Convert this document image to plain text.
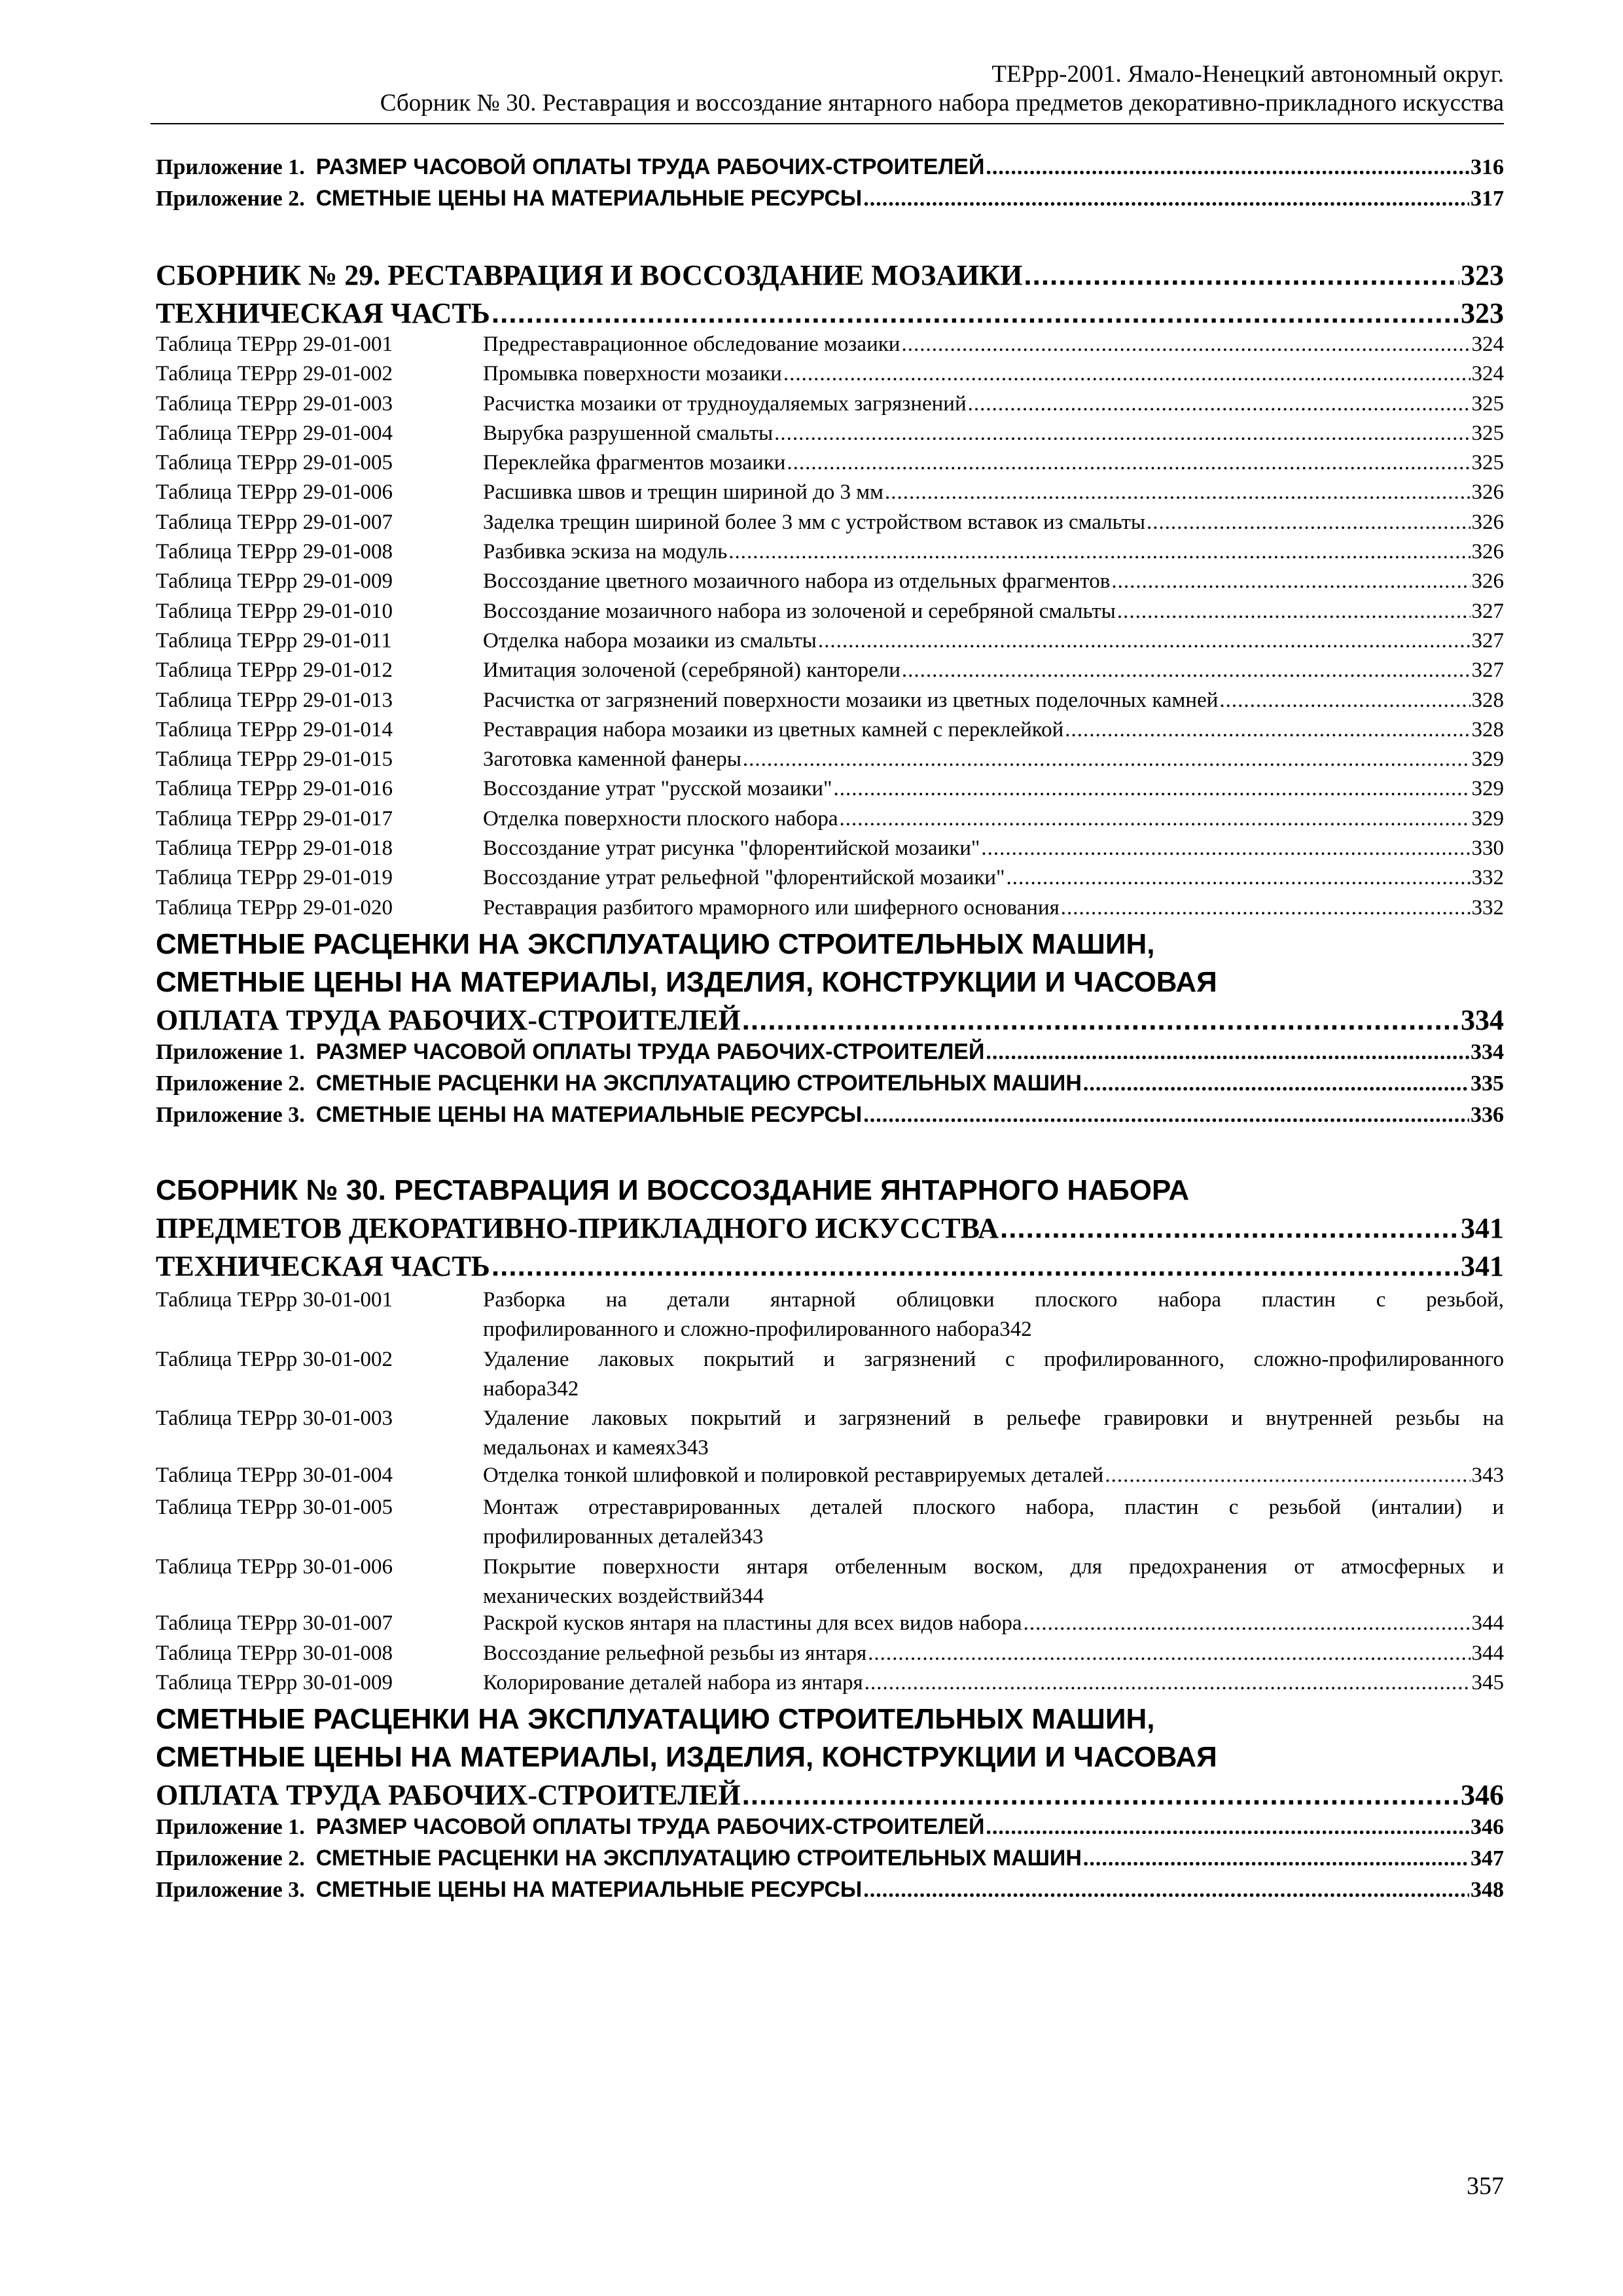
ТЕРрр-2001. Ямало-Ненецкий автономный округ.
Сборник № 30. Реставрация и воссоздание янтарного набора предметов декоративно-прикладного искусства
Приложение 1. РАЗМЕР ЧАСОВОЙ ОПЛАТЫ ТРУДА РАБОЧИХ-СТРОИТЕЛЕЙ .....	316
Приложение 2. СМЕТНЫЕ ЦЕНЫ НА МАТЕРИАЛЬНЫЕ РЕСУРСЫ .....	317
СБОРНИК № 29. РЕСТАВРАЦИЯ И ВОССОЗДАНИЕ МОЗАИКИ .....	323
ТЕХНИЧЕСКАЯ ЧАСТЬ .....	323
Таблица ТЕРрр 29-01-001	Предреставрационное обследование мозаики .....	324
Таблица ТЕРрр 29-01-002	Промывка поверхности мозаики .....	324
Таблица ТЕРрр 29-01-003	Расчистка мозаики от трудноудаляемых загрязнений .....	325
Таблица ТЕРрр 29-01-004	Вырубка разрушенной смальты .....	325
Таблица ТЕРрр 29-01-005	Переклейка фрагментов мозаики .....	325
Таблица ТЕРрр 29-01-006	Расшивка швов и трещин шириной до 3 мм .....	326
Таблица ТЕРрр 29-01-007	Заделка трещин шириной более 3 мм с устройством вставок из смальты .....	326
Таблица ТЕРрр 29-01-008	Разбивка эскиза на модуль .....	326
Таблица ТЕРрр 29-01-009	Воссоздание цветного мозаичного набора из отдельных фрагментов .....	326
Таблица ТЕРрр 29-01-010	Воссоздание мозаичного набора из золоченой и серебряной смальты .....	327
Таблица ТЕРрр 29-01-011	Отделка набора мозаики из смальты .....	327
Таблица ТЕРрр 29-01-012	Имитация золоченой (серебряной) канторели .....	327
Таблица ТЕРрр 29-01-013	Расчистка от загрязнений поверхности мозаики из цветных поделочных камней .....	328
Таблица ТЕРрр 29-01-014	Реставрация набора мозаики из цветных камней с переклейкой .....	328
Таблица ТЕРрр 29-01-015	Заготовка каменной фанеры .....	329
Таблица ТЕРрр 29-01-016	Воссоздание утрат "русской мозаики" .....	329
Таблица ТЕРрр 29-01-017	Отделка поверхности плоского набора .....	329
Таблица ТЕРрр 29-01-018	Воссоздание утрат рисунка "флорентийской мозаики" .....	330
Таблица ТЕРрр 29-01-019	Воссоздание утрат рельефной "флорентийской мозаики" .....	332
Таблица ТЕРрр 29-01-020	Реставрация разбитого мраморного или шиферного основания .....	332
СМЕТНЫЕ РАСЦЕНКИ НА ЭКСПЛУАТАЦИЮ СТРОИТЕЛЬНЫХ МАШИН,
СМЕТНЫЕ ЦЕНЫ НА МАТЕРИАЛЫ, ИЗДЕЛИЯ, КОНСТРУКЦИИ И ЧАСОВАЯ
ОПЛАТА ТРУДА РАБОЧИХ-СТРОИТЕЛЕЙ .....	334
Приложение 1. РАЗМЕР ЧАСОВОЙ ОПЛАТЫ ТРУДА РАБОЧИХ-СТРОИТЕЛЕЙ .....	334
Приложение 2. СМЕТНЫЕ РАСЦЕНКИ НА ЭКСПЛУАТАЦИЮ СТРОИТЕЛЬНЫХ МАШИН .....	335
Приложение 3. СМЕТНЫЕ ЦЕНЫ НА МАТЕРИАЛЬНЫЕ РЕСУРСЫ .....	336
СБОРНИК № 30. РЕСТАВРАЦИЯ И ВОССОЗДАНИЕ ЯНТАРНОГО НАБОРА
ПРЕДМЕТОВ ДЕКОРАТИВНО-ПРИКЛАДНОГО ИСКУССТВА .....	341
ТЕХНИЧЕСКАЯ ЧАСТЬ .....	341
Таблица ТЕРрр 30-01-001	Разборка на детали янтарной облицовки плоского набора пластин с резьбой,
профилированного и сложно-профилированного набора 342
Таблица ТЕРрр 30-01-002	Удаление лаковых покрытий и загрязнений с профилированного, сложно-профилированного
набора 342
Таблица ТЕРрр 30-01-003	Удаление лаковых покрытий и загрязнений в рельефе гравировки и внутренней резьбы на
медальонах и камеях 343
Таблица ТЕРрр 30-01-004	Отделка тонкой шлифовкой и полировкой реставрируемых деталей .....	343
Таблица ТЕРрр 30-01-005	Монтаж отреставрированных деталей плоского набора, пластин с резьбой (инталии) и
профилированных деталей 343
Таблица ТЕРрр 30-01-006	Покрытие поверхности янтаря отбеленным воском, для предохранения от атмосферных и
механических воздействий 344
Таблица ТЕРрр 30-01-007	Раскрой кусков янтаря на пластины для всех видов набора .....	344
Таблица ТЕРрр 30-01-008	Воссоздание рельефной резьбы из янтаря .....	344
Таблица ТЕРрр 30-01-009	Колорирование деталей набора из янтаря .....	345
СМЕТНЫЕ РАСЦЕНКИ НА ЭКСПЛУАТАЦИЮ СТРОИТЕЛЬНЫХ МАШИН,
СМЕТНЫЕ ЦЕНЫ НА МАТЕРИАЛЫ, ИЗДЕЛИЯ, КОНСТРУКЦИИ И ЧАСОВАЯ
ОПЛАТА ТРУДА РАБОЧИХ-СТРОИТЕЛЕЙ .....	346
Приложение 1. РАЗМЕР ЧАСОВОЙ ОПЛАТЫ ТРУДА РАБОЧИХ-СТРОИТЕЛЕЙ .....	346
Приложение 2. СМЕТНЫЕ РАСЦЕНКИ НА ЭКСПЛУАТАЦИЮ СТРОИТЕЛЬНЫХ МАШИН .....	347
Приложение 3. СМЕТНЫЕ ЦЕНЫ НА МАТЕРИАЛЬНЫЕ РЕСУРСЫ .....	348
357
